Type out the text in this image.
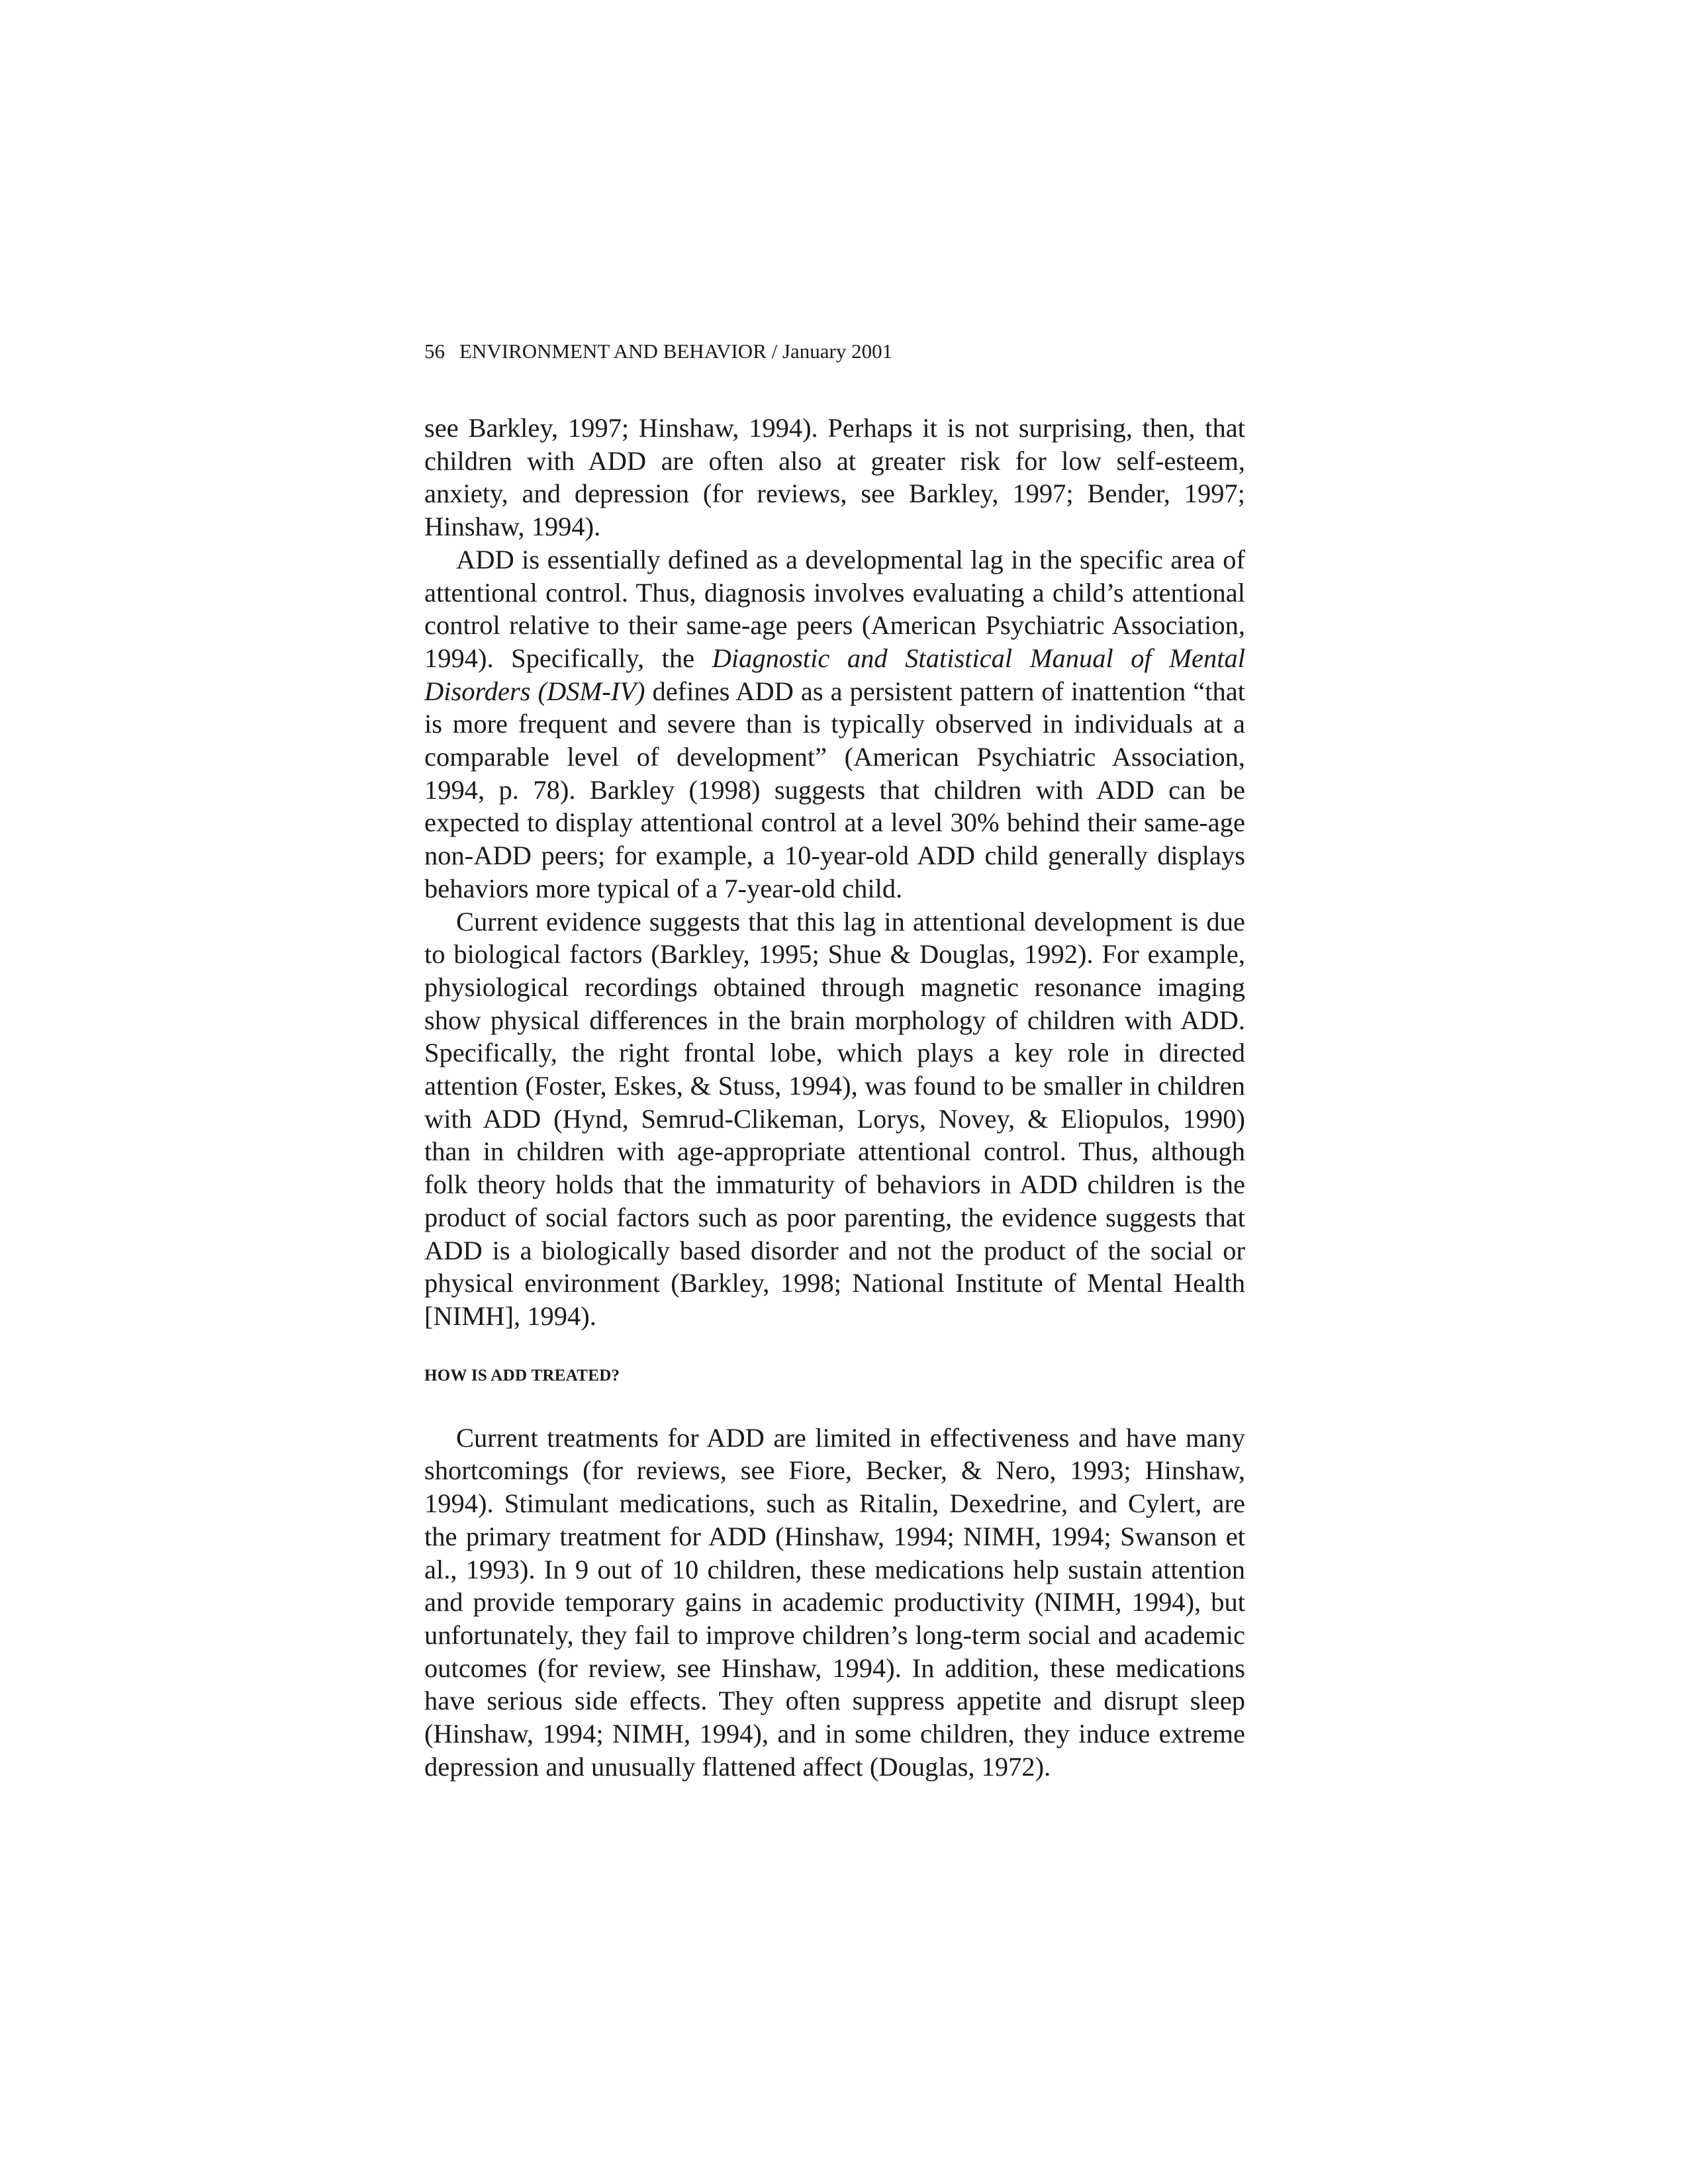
56 ENVIRONMENT AND BEHAVIOR / January 2001

see Barkley, 1997; Hinshaw, 1994). Perhaps it is not surprising, then, that children with ADD are often also at greater risk for low self-esteem, anxiety, and depression (for reviews, see Barkley, 1997; Bender, 1997; Hinshaw, 1994).

ADD is essentially defined as a developmental lag in the specific area of attentional control. Thus, diagnosis involves evaluating a child’s attentional control relative to their same-age peers (American Psychiatric Association, 1994). Specifically, the Diagnostic and Statistical Manual of Mental Disorders (DSM-IV) defines ADD as a persistent pattern of inattention “that is more frequent and severe than is typically observed in individuals at a comparable level of development” (American Psychiatric Association, 1994, p. 78). Barkley (1998) suggests that children with ADD can be expected to display attentional control at a level 30% behind their same-age non-ADD peers; for example, a 10-year-old ADD child generally displays behaviors more typical of a 7-year-old child.

Current evidence suggests that this lag in attentional development is due to biological factors (Barkley, 1995; Shue & Douglas, 1992). For example, physiological recordings obtained through magnetic resonance imaging show physical differences in the brain morphology of children with ADD. Specifically, the right frontal lobe, which plays a key role in directed attention (Foster, Eskes, & Stuss, 1994), was found to be smaller in children with ADD (Hynd, Semrud-Clikeman, Lorys, Novey, & Eliopulos, 1990) than in children with age-appropriate attentional control. Thus, although folk theory holds that the immaturity of behaviors in ADD children is the product of social factors such as poor parenting, the evidence suggests that ADD is a biologically based disorder and not the product of the social or physical environment (Barkley, 1998; National Institute of Mental Health [NIMH], 1994).

HOW IS ADD TREATED?

Current treatments for ADD are limited in effectiveness and have many shortcomings (for reviews, see Fiore, Becker, & Nero, 1993; Hinshaw, 1994). Stimulant medications, such as Ritalin, Dexedrine, and Cylert, are the primary treatment for ADD (Hinshaw, 1994; NIMH, 1994; Swanson et al., 1993). In 9 out of 10 children, these medications help sustain attention and provide temporary gains in academic productivity (NIMH, 1994), but unfortunately, they fail to improve children’s long-term social and academic outcomes (for review, see Hinshaw, 1994). In addition, these medications have serious side effects. They often suppress appetite and disrupt sleep (Hinshaw, 1994; NIMH, 1994), and in some children, they induce extreme depression and unusually flattened affect (Douglas, 1972).
